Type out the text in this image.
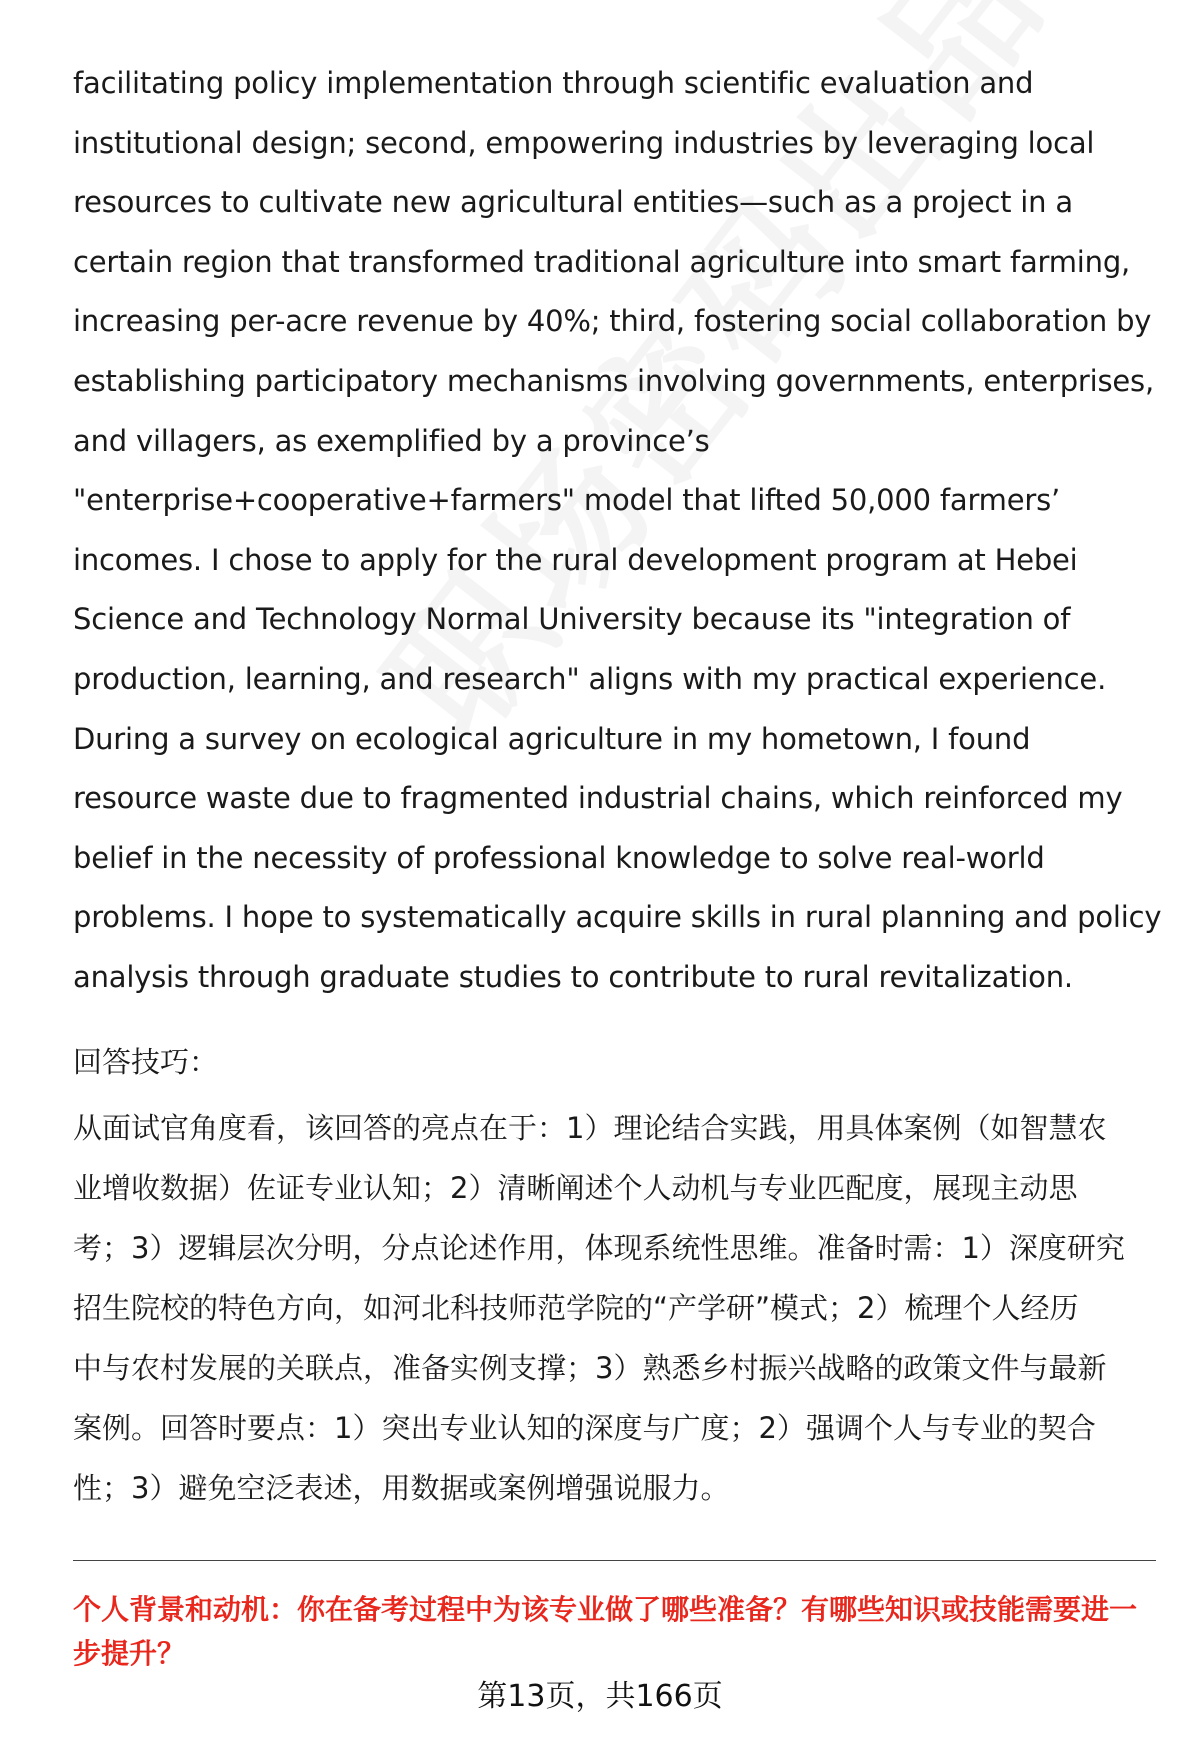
facilitating policy implementation through scientific evaluation and
institutional design; second, empowering industries by leveraging local
resources to cultivate new agricultural entities—such as a project in a
certain region that transformed traditional agriculture into smart farming,
increasing per-acre revenue by 40%; third, fostering social collaboration by
establishing participatory mechanisms involving governments, enterprises,
and villagers, as exemplified by a province’s
"enterprise+cooperative+farmers" model that lifted 50,000 farmers’
incomes. I chose to apply for the rural development program at Hebei
Science and Technology Normal University because its "integration of
production, learning, and research" aligns with my practical experience.
During a survey on ecological agriculture in my hometown, I found
resource waste due to fragmented industrial chains, which reinforced my
belief in the necessity of professional knowledge to solve real-world
problems. I hope to systematically acquire skills in rural planning and policy
analysis through graduate studies to contribute to rural revitalization.
回答技巧：
从面试官角度看，该回答的亮点在于：1）理论结合实践，用具体案例（如智慧农
业增收数据）佐证专业认知；2）清晰阐述个人动机与专业匹配度，展现主动思
考；3）逻辑层次分明，分点论述作用，体现系统性思维。准备时需：1）深度研究
招生院校的特色方向，如河北科技师范学院的“产学研”模式；2）梳理个人经历
中与农村发展的关联点，准备实例支撑；3）熟悉乡村振兴战略的政策文件与最新
案例。回答时要点：1）突出专业认知的深度与广度；2）强调个人与专业的契合
性；3）避免空泛表述，用数据或案例增强说服力。
个人背景和动机：你在备考过程中为该专业做了哪些准备？有哪些知识或技能需要进一步提升？
第13页，共166页
